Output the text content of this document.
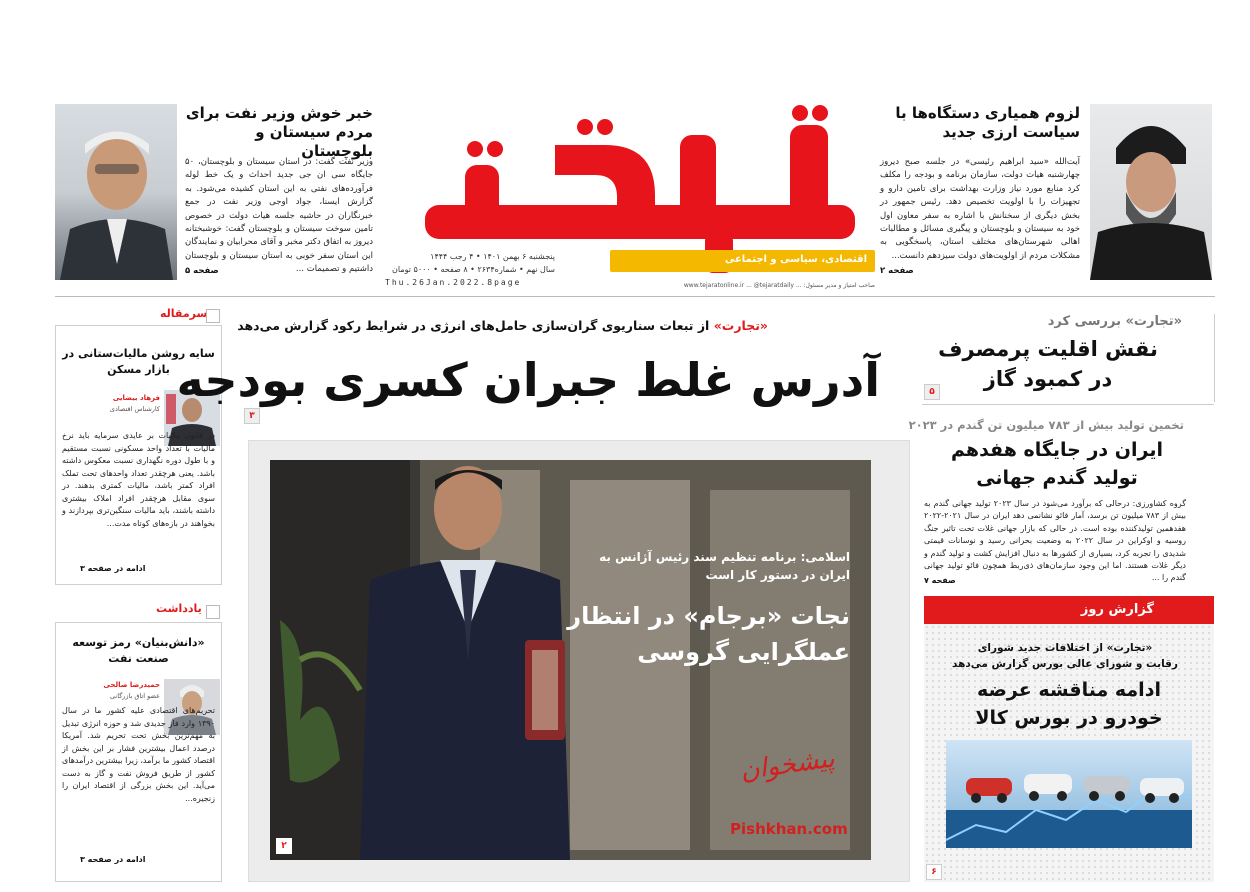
اقتصادی، سیاسی و اجتماعی
پنجشنبه ۶ بهمن ۱۴۰۱ • ۴ رجب ۱۴۴۴
سال نهم • شماره۲۶۳۴ • ۸ صفحه • ۵۰۰۰ تومان
Thu.26Jan.2022.8page	صاحب امتیاز و مدیر مسئول: ... www.tejaratonline.ir ... @tejaratdaily
خبر خوش وزیر نفت برای مردم سیستان و بلوچستان
وزیر نفت گفت: در استان سیستان و بلوچستان، ۵۰ جایگاه سی ان جی جدید احداث و یک خط لوله فرآورده‌های نفتی به این استان کشیده می‌شود. به گزارش ایسنا، جواد اوجی وزیر نفت در جمع خبرنگاران در حاشیه جلسه هیات دولت در خصوص تامین سوخت سیستان و بلوچستان گفت: خوشبختانه دیروز به اتفاق دکتر مخبر و آقای محرابیان و نمایندگان این استان سفر خوبی به استان سیستان و بلوچستان داشتیم و تصمیمات ...
صفحه ۵
لزوم همیاری دستگاه‌ها با سیاست ارزی جدید
آیت‌الله «سید ابراهیم رئیسی» در جلسه صبح دیروز چهارشنبه هیات دولت، سازمان برنامه و بودجه را مکلف کرد منابع مورد نیاز وزارت بهداشت برای تامین دارو و تجهیزات را با اولویت تخصیص دهد. رئیس جمهور در بخش دیگری از سخنانش با اشاره به سفر معاون اول خود به سیستان و بلوچستان و پیگیری مسائل و مطالبات اهالی شهرستان‌های مختلف استان، پاسخگویی به مشکلات مردم از اولویت‌های دولت سیزدهم دانست...
صفحه ۲
سایه روشن مالیات‌ستانی در بازار مسکن
فرهاد بیضایی
کارشناس اقتصادی
در قانون مالیات بر عایدی سرمایه باید نرخ مالیات با تعداد واحد مسکونی نسبت مستقیم و با طول دوره نگهداری نسبت معکوس داشته باشد. یعنی هرچقدر تعداد واحدهای تحت تملک افراد کمتر باشد، مالیات کمتری بدهند. در سوی مقابل هرچقدر افراد املاک بیشتری داشته باشند، باید مالیات سنگین‌تری بپردازند و بخواهند در بازه‌های کوتاه مدت...
ادامه در صفحه ۳
سرمقاله
«دانش‌بنیان» رمز توسعه صنعت نفت
حمیدرضا صالحی
عضو اتاق بازرگانی
تحریم‌های اقتصادی علیه کشور ما در سال ۱۳۹۰ وارد فاز جدیدی شد و حوزه انرژی تبدیل به مهم‌ترین بخش تحت تحریم شد. آمریکا درصدد اعمال بیشترین فشار بر این بخش از اقتصاد کشور ما برآمد، زیرا بیشترین درآمدهای کشور از طریق فروش نفت و گاز به دست می‌آید. این بخش بزرگی از اقتصاد ایران را زنجیره...
ادامه در صفحه ۳
یادداشت
«تجارت» از تبعات سناریوی گران‌سازی حامل‌های انرژی در شرایط رکود گزارش می‌دهد
آدرس غلط جبران کسری بودجه
۳
اسلامی: برنامه تنظیم سند رئیس آژانس به ایران در دستور کار است
نجات «برجام» در انتظار عملگرایی گروسی
پیشخوان
Pishkhan.com
۲
«تجارت» بررسی کرد
نقش اقلیت پرمصرف در کمبود گاز
۵
تخمین تولید بیش از ۷۸۳ میلیون تن گندم در ۲۰۲۳
ایران در جایگاه هفدهم تولید گندم جهانی
گروه کشاورزی: درحالی که برآورد می‌شود در سال ۲۰۲۳ تولید جهانی گندم به بیش از ۷۸۳ میلیون تن برسد، آمار فائو نشانمی دهد ایران در سال ۲۰۲۱-۲۰۲۲ هفدهمین تولیدکننده بوده است. در حالی که بازار جهانی غلات تحت تاثیر جنگ روسیه و اوکراین در سال ۲۰۲۲ به وضعیت بحرانی رسید و نوسانات قیمتی شدیدی را تجربه کرد، بسیاری از کشورها به دنبال افزایش کشت و تولید گندم و دیگر غلات هستند. اما این وجود سازمان‌های ذی‌ربط همچون فائو تولید جهانی گندم را ...
صفحه ۷
گزارش روز
«تجارت» از اختلافات جدید شورای
رقابت و شورای عالی بورس گزارش می‌دهد
ادامه مناقشه عرضه خودرو در بورس کالا
۶
